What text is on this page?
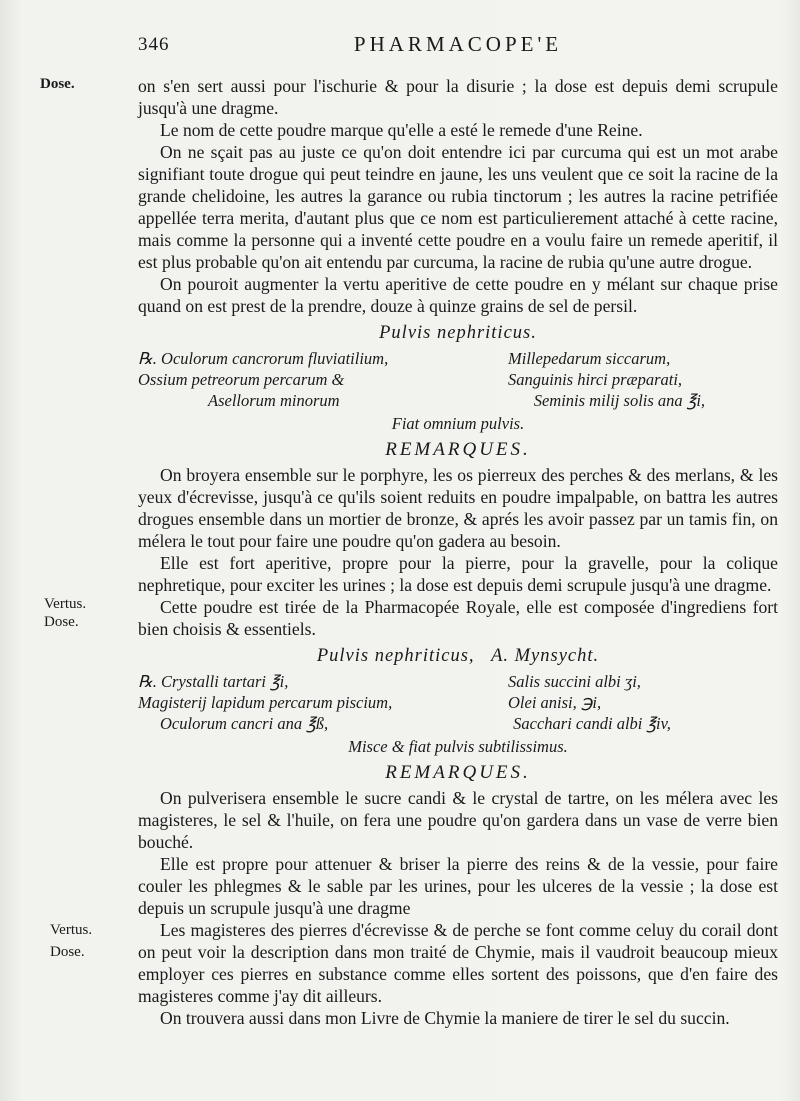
346	PHARMACOPE'E
Dose.
Vertus.
Dose.
Vertus.
Dose.

on s'en sert aussi pour l'ischurie & pour la disurie ; la dose est depuis demi scrupule jusqu'à une dragme.

Le nom de cette poudre marque qu'elle a esté le remede d'une Reine.

On ne sçait pas au juste ce qu'on doit entendre ici par curcuma qui est un mot arabe signifiant toute drogue qui peut teindre en jaune, les uns veulent que ce soit la racine de la grande chelidoine, les autres la garance ou rubia tinctorum ; les autres la racine petrifiée appellée terra merita, d'autant plus que ce nom est particulierement attaché à cette racine, mais comme la personne qui a inventé cette poudre en a voulu faire un remede aperitif, il est plus probable qu'on ait entendu par curcuma, la racine de rubia qu'une autre drogue.

On pouroit augmenter la vertu aperitive de cette poudre en y mélant sur chaque prise quand on est prest de la prendre, douze à quinze grains de sel de persil.

Pulvis nephriticus.
℞. Oculorum cancrorum fluviatilium,	Millepedarum siccarum,
Ossium petreorum percarum &	Sanguinis hirci præparati,
Asellorum minorum	Seminis milij solis ana ℥i,
Fiat omnium pulvis.
REMARQUES.

On broyera ensemble sur le porphyre, les os pierreux des perches & des merlans, & les yeux d'écrevisse, jusqu'à ce qu'ils soient reduits en poudre impalpable, on battra les autres drogues ensemble dans un mortier de bronze, & aprés les avoir passez par un tamis fin, on mélera le tout pour faire une poudre qu'on gadera au besoin.

Elle est fort aperitive, propre pour la pierre, pour la gravelle, pour la colique nephretique, pour exciter les urines ; la dose est depuis demi scrupule jusqu'à une dragme.

Cette poudre est tirée de la Pharmacopée Royale, elle est composée d'ingrediens fort bien choisis & essentiels.

Pulvis nephriticus,   A. Mynsycht.
℞. Crystalli tartari ℥i,	Salis succini albi ʒi,
Magisterij lapidum percarum piscium,	Olei anisi, ℈i,
Oculorum cancri ana ℥ß,	Sacchari candi albi ℥iv,
Misce & fiat pulvis subtilissimus.
REMARQUES.

On pulverisera ensemble le sucre candi & le crystal de tartre, on les mélera avec les magisteres, le sel & l'huile, on fera une poudre qu'on gardera dans un vase de verre bien bouché.

Elle est propre pour attenuer & briser la pierre des reins & de la vessie, pour faire couler les phlegmes & le sable par les urines, pour les ulceres de la vessie ; la dose est depuis un scrupule jusqu'à une dragme

Les magisteres des pierres d'écrevisse & de perche se font comme celuy du corail dont on peut voir la description dans mon traité de Chymie, mais il vaudroit beaucoup mieux employer ces pierres en substance comme elles sortent des poissons, que d'en faire des magisteres comme j'ay dit ailleurs.

On trouvera aussi dans mon Livre de Chymie la maniere de tirer le sel du succin.
